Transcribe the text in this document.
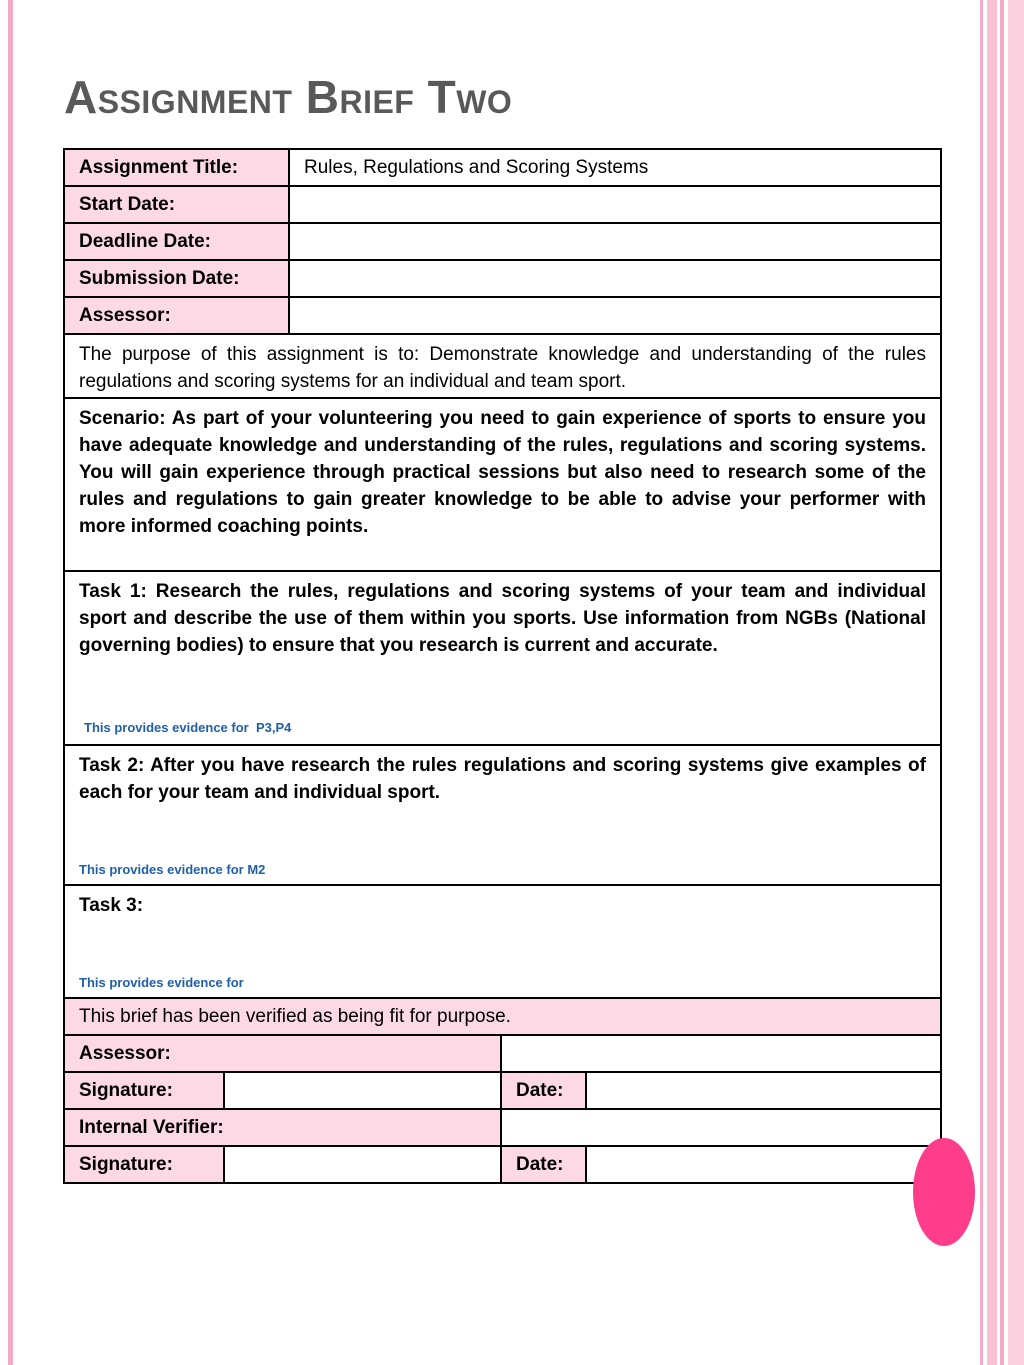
Assignment Brief Two
Assignment Title:		Rules, Regulations and Scoring Systems		
Start Date:				
Deadline Date:				
Submission Date:				
Assessor:				
The purpose of this assignment is to: Demonstrate knowledge and understanding of the rules regulations and scoring systems for an individual and team sport.				
Scenario: As part of your volunteering you need to gain experience of sports to ensure you have adequate knowledge and understanding of the rules, regulations and scoring systems. You will gain experience through practical sessions but also need to research some of the rules and regulations to gain greater knowledge to be able to advise your performer with more informed coaching points.				

Task 1: Research the rules, regulations and scoring systems of your team and individual sport and describe the use of them within you sports. Use information from NGBs (National governing bodies) to ensure that you research is current and accurate.
This provides evidence for  P3,P4				

Task 2: After you have research the rules regulations and scoring systems give examples of each for your team and individual sport.
This provides evidence for M2				

Task 3:
This provides evidence for				

This brief has been verified as being fit for purpose.				
Assessor:				
Signature:			Date:	
Internal Verifier:				
Signature:			Date:	
